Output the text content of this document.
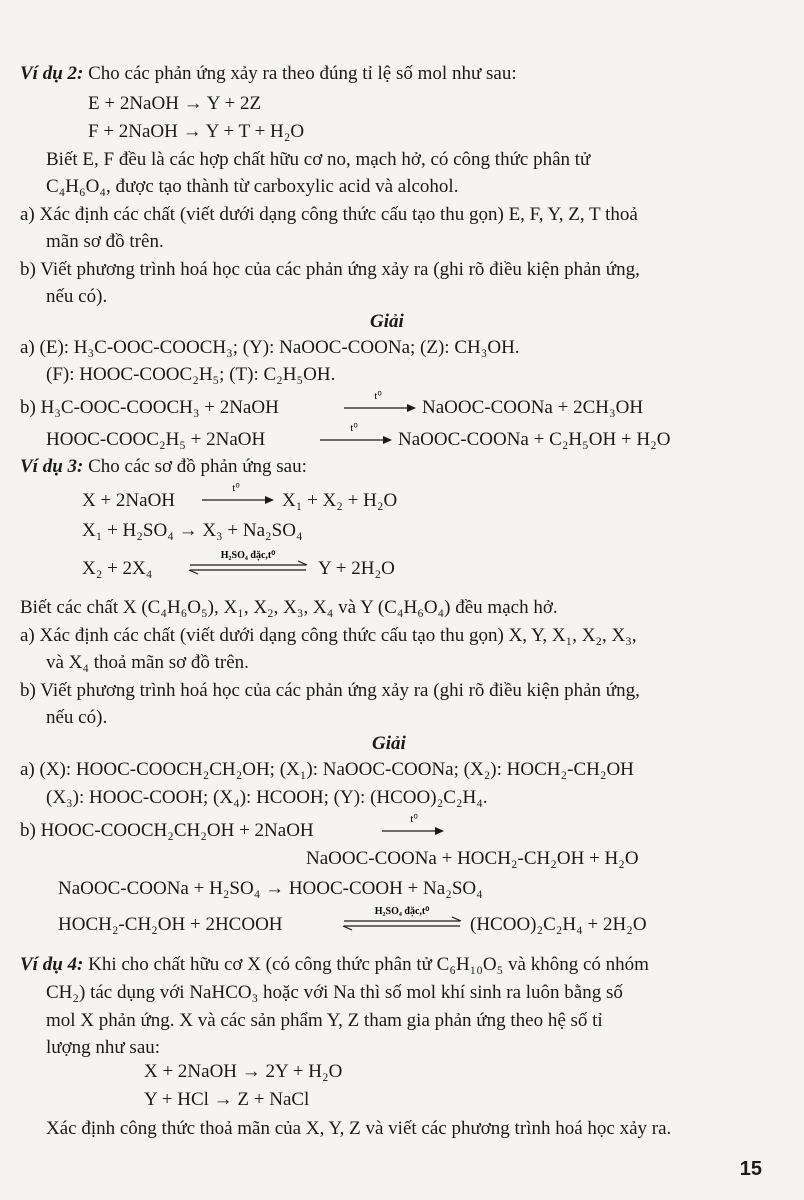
Ví dụ 2: Cho các phản ứng xảy ra theo đúng tỉ lệ số mol như sau:
E + 2NaOH → Y + 2Z
F + 2NaOH → Y + T + H₂O
Biết E, F đều là các hợp chất hữu cơ no, mạch hở, có công thức phân tử
C₄H₆O₄, được tạo thành từ carboxylic acid và alcohol.
a) Xác định các chất (viết dưới dạng công thức cấu tạo thu gọn) E, F, Y, Z, T thoả
mãn sơ đồ trên.
b) Viết phương trình hoá học của các phản ứng xảy ra (ghi rõ điều kiện phản ứng,
nếu có).
Giải
a) (E): H₃C-OOC-COOCH₃; (Y): NaOOC-COONa; (Z): CH₃OH.
(F): HOOC-COOC₂H₅; (T): C₂H₅OH.
b) H₃C-OOC-COOCH₃ + 2NaOH
t⁰
NaOOC-COONa + 2CH₃OH
HOOC-COOC₂H₅ + 2NaOH
t⁰
NaOOC-COONa + C₂H₅OH + H₂O
Ví dụ 3: Cho các sơ đồ phản ứng sau:
X + 2NaOH
t⁰
X₁ + X₂ + H₂O
X₁ + H₂SO₄ → X₃ + Na₂SO₄
X₂ + 2X₄
H₂SO₄ đặc,t⁰
Y + 2H₂O
Biết các chất X (C₄H₆O₅), X₁, X₂, X₃, X₄ và Y (C₄H₆O₄) đều mạch hở.
a) Xác định các chất (viết dưới dạng công thức cấu tạo thu gọn) X, Y, X₁, X₂, X₃,
và X₄ thoả mãn sơ đồ trên.
b) Viết phương trình hoá học của các phản ứng xảy ra (ghi rõ điều kiện phản ứng,
nếu có).
Giải
a) (X): HOOC-COOCH₂CH₂OH; (X₁): NaOOC-COONa; (X₂): HOCH₂-CH₂OH
(X₃): HOOC-COOH; (X₄): HCOOH; (Y): (HCOO)₂C₂H₄.
b) HOOC-COOCH₂CH₂OH + 2NaOH
t⁰
NaOOC-COONa + HOCH₂-CH₂OH + H₂O
NaOOC-COONa + H₂SO₄ → HOOC-COOH + Na₂SO₄
HOCH₂-CH₂OH + 2HCOOH
H₂SO₄ đặc,t⁰
(HCOO)₂C₂H₄ + 2H₂O
Ví dụ 4: Khi cho chất hữu cơ X (có công thức phân tử C₆H₁₀O₅ và không có nhóm
CH₂) tác dụng với NaHCO₃ hoặc với Na thì số mol khí sinh ra luôn bằng số
mol X phản ứng. X và các sản phẩm Y, Z tham gia phản ứng theo hệ số tỉ
lượng như sau:
X + 2NaOH → 2Y + H₂O
Y + HCl → Z + NaCl
Xác định công thức thoả mãn của X, Y, Z và viết các phương trình hoá học xảy ra.
15
